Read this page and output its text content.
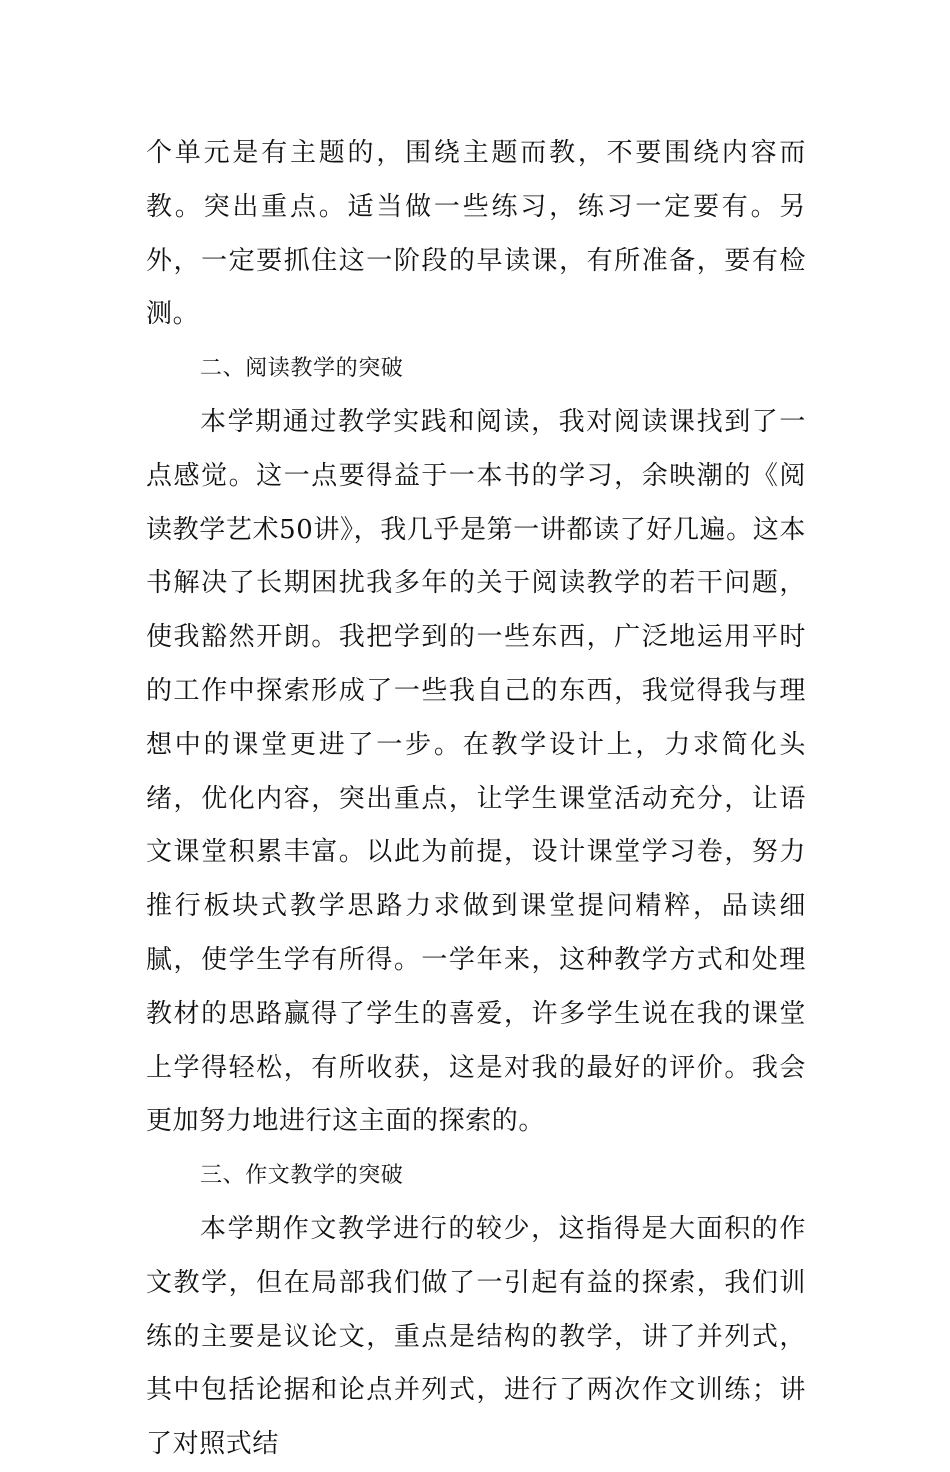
个单元是有主题的，围绕主题而教，不要围绕内容而教。突出重点。适当做一些练习，练习一定要有。另外，一定要抓住这一阶段的早读课，有所准备，要有检测。

二、阅读教学的突破

本学期通过教学实践和阅读，我对阅读课找到了一点感觉。这一点要得益于一本书的学习，余映潮的《阅读教学艺术50讲》，我几乎是第一讲都读了好几遍。这本书解决了长期困扰我多年的关于阅读教学的若干问题，使我豁然开朗。我把学到的一些东西，广泛地运用平时的工作中探索形成了一些我自己的东西，我觉得我与理想中的课堂更进了一步。在教学设计上，力求简化头绪，优化内容，突出重点，让学生课堂活动充分，让语文课堂积累丰富。以此为前提，设计课堂学习卷，努力推行板块式教学思路力求做到课堂提问精粹，品读细腻，使学生学有所得。一学年来，这种教学方式和处理教材的思路赢得了学生的喜爱，许多学生说在我的课堂上学得轻松，有所收获，这是对我的最好的评价。我会更加努力地进行这主面的探索的。

三、作文教学的突破

本学期作文教学进行的较少，这指得是大面积的作文教学，但在局部我们做了一引起有益的探索，我们训练的主要是议论文，重点是结构的教学，讲了并列式，其中包括论据和论点并列式，进行了两次作文训练；讲了对照式结
